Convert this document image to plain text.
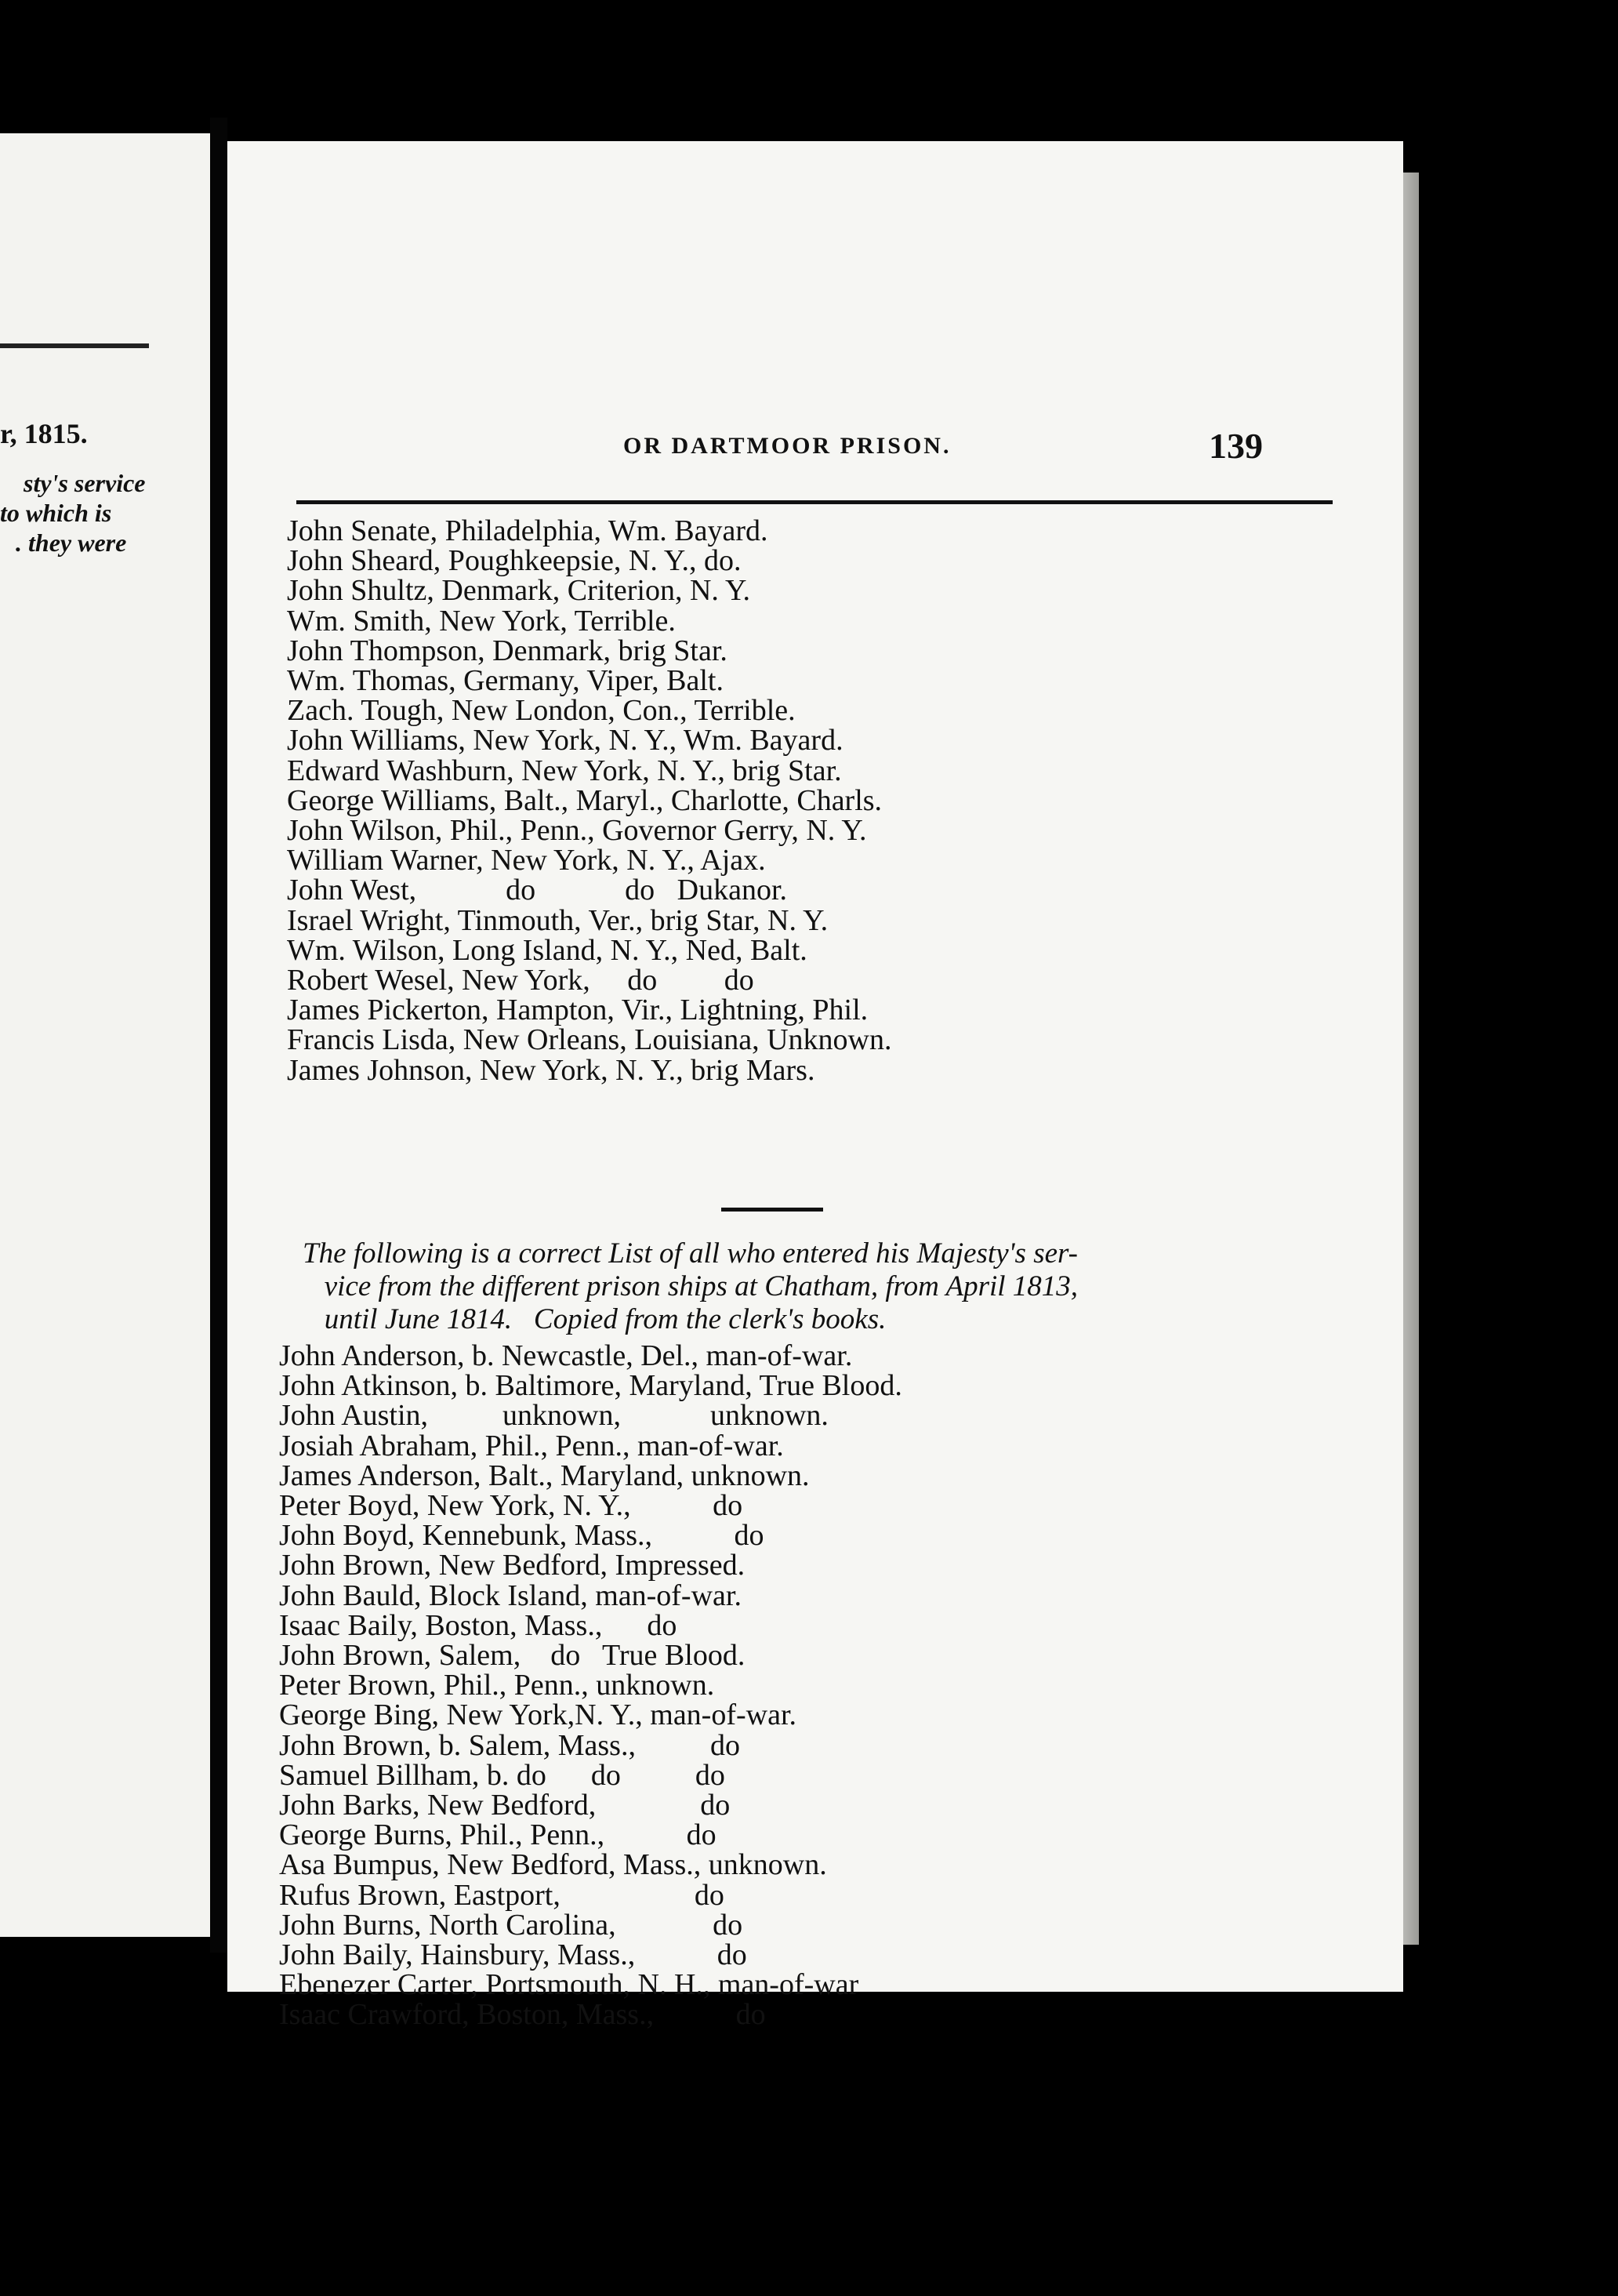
r, 1815.
sty's service
to which is
. they were
OR DARTMOOR PRISON.	139
John Senate, Philadelphia, Wm. Bayard.
John Sheard, Poughkeepsie, N. Y., do.
John Shultz, Denmark, Criterion, N. Y.
Wm. Smith, New York, Terrible.
John Thompson, Denmark, brig Star.
Wm. Thomas, Germany, Viper, Balt.
Zach. Tough, New London, Con., Terrible.
John Williams, New York, N. Y., Wm. Bayard.
Edward Washburn, New York, N. Y., brig Star.
George Williams, Balt., Maryl., Charlotte, Charls.
John Wilson, Phil., Penn., Governor Gerry, N. Y.
William Warner, New York, N. Y., Ajax.
John West,            do            do   Dukanor.
Israel Wright, Tinmouth, Ver., brig Star, N. Y.
Wm. Wilson, Long Island, N. Y., Ned, Balt.
Robert Wesel, New York,     do         do
James Pickerton, Hampton, Vir., Lightning, Phil.
Francis Lisda, New Orleans, Louisiana, Unknown.
James Johnson, New York, N. Y., brig Mars.
The following is a correct List of all who entered his Majesty's ser-
vice from the different prison ships at Chatham, from April 1813,
until June 1814.   Copied from the clerk's books.
John Anderson, b. Newcastle, Del., man-of-war.
John Atkinson, b. Baltimore, Maryland, True Blood.
John Austin,          unknown,            unknown.
Josiah Abraham, Phil., Penn., man-of-war.
James Anderson, Balt., Maryland, unknown.
Peter Boyd, New York, N. Y.,           do
John Boyd, Kennebunk, Mass.,           do
John Brown, New Bedford, Impressed.
John Bauld, Block Island, man-of-war.
Isaac Baily, Boston, Mass.,      do
John Brown, Salem,    do   True Blood.
Peter Brown, Phil., Penn., unknown.
George Bing, New York,N. Y., man-of-war.
John Brown, b. Salem, Mass.,          do
Samuel Billham, b. do      do          do
John Barks, New Bedford,              do
George Burns, Phil., Penn.,           do
Asa Bumpus, New Bedford, Mass., unknown.
Rufus Brown, Eastport,                  do
John Burns, North Carolina,             do
John Baily, Hainsbury, Mass.,           do
Ebenezer Carter, Portsmouth, N. H., man-of-war
Isaac Crawford, Boston, Mass.,           do
